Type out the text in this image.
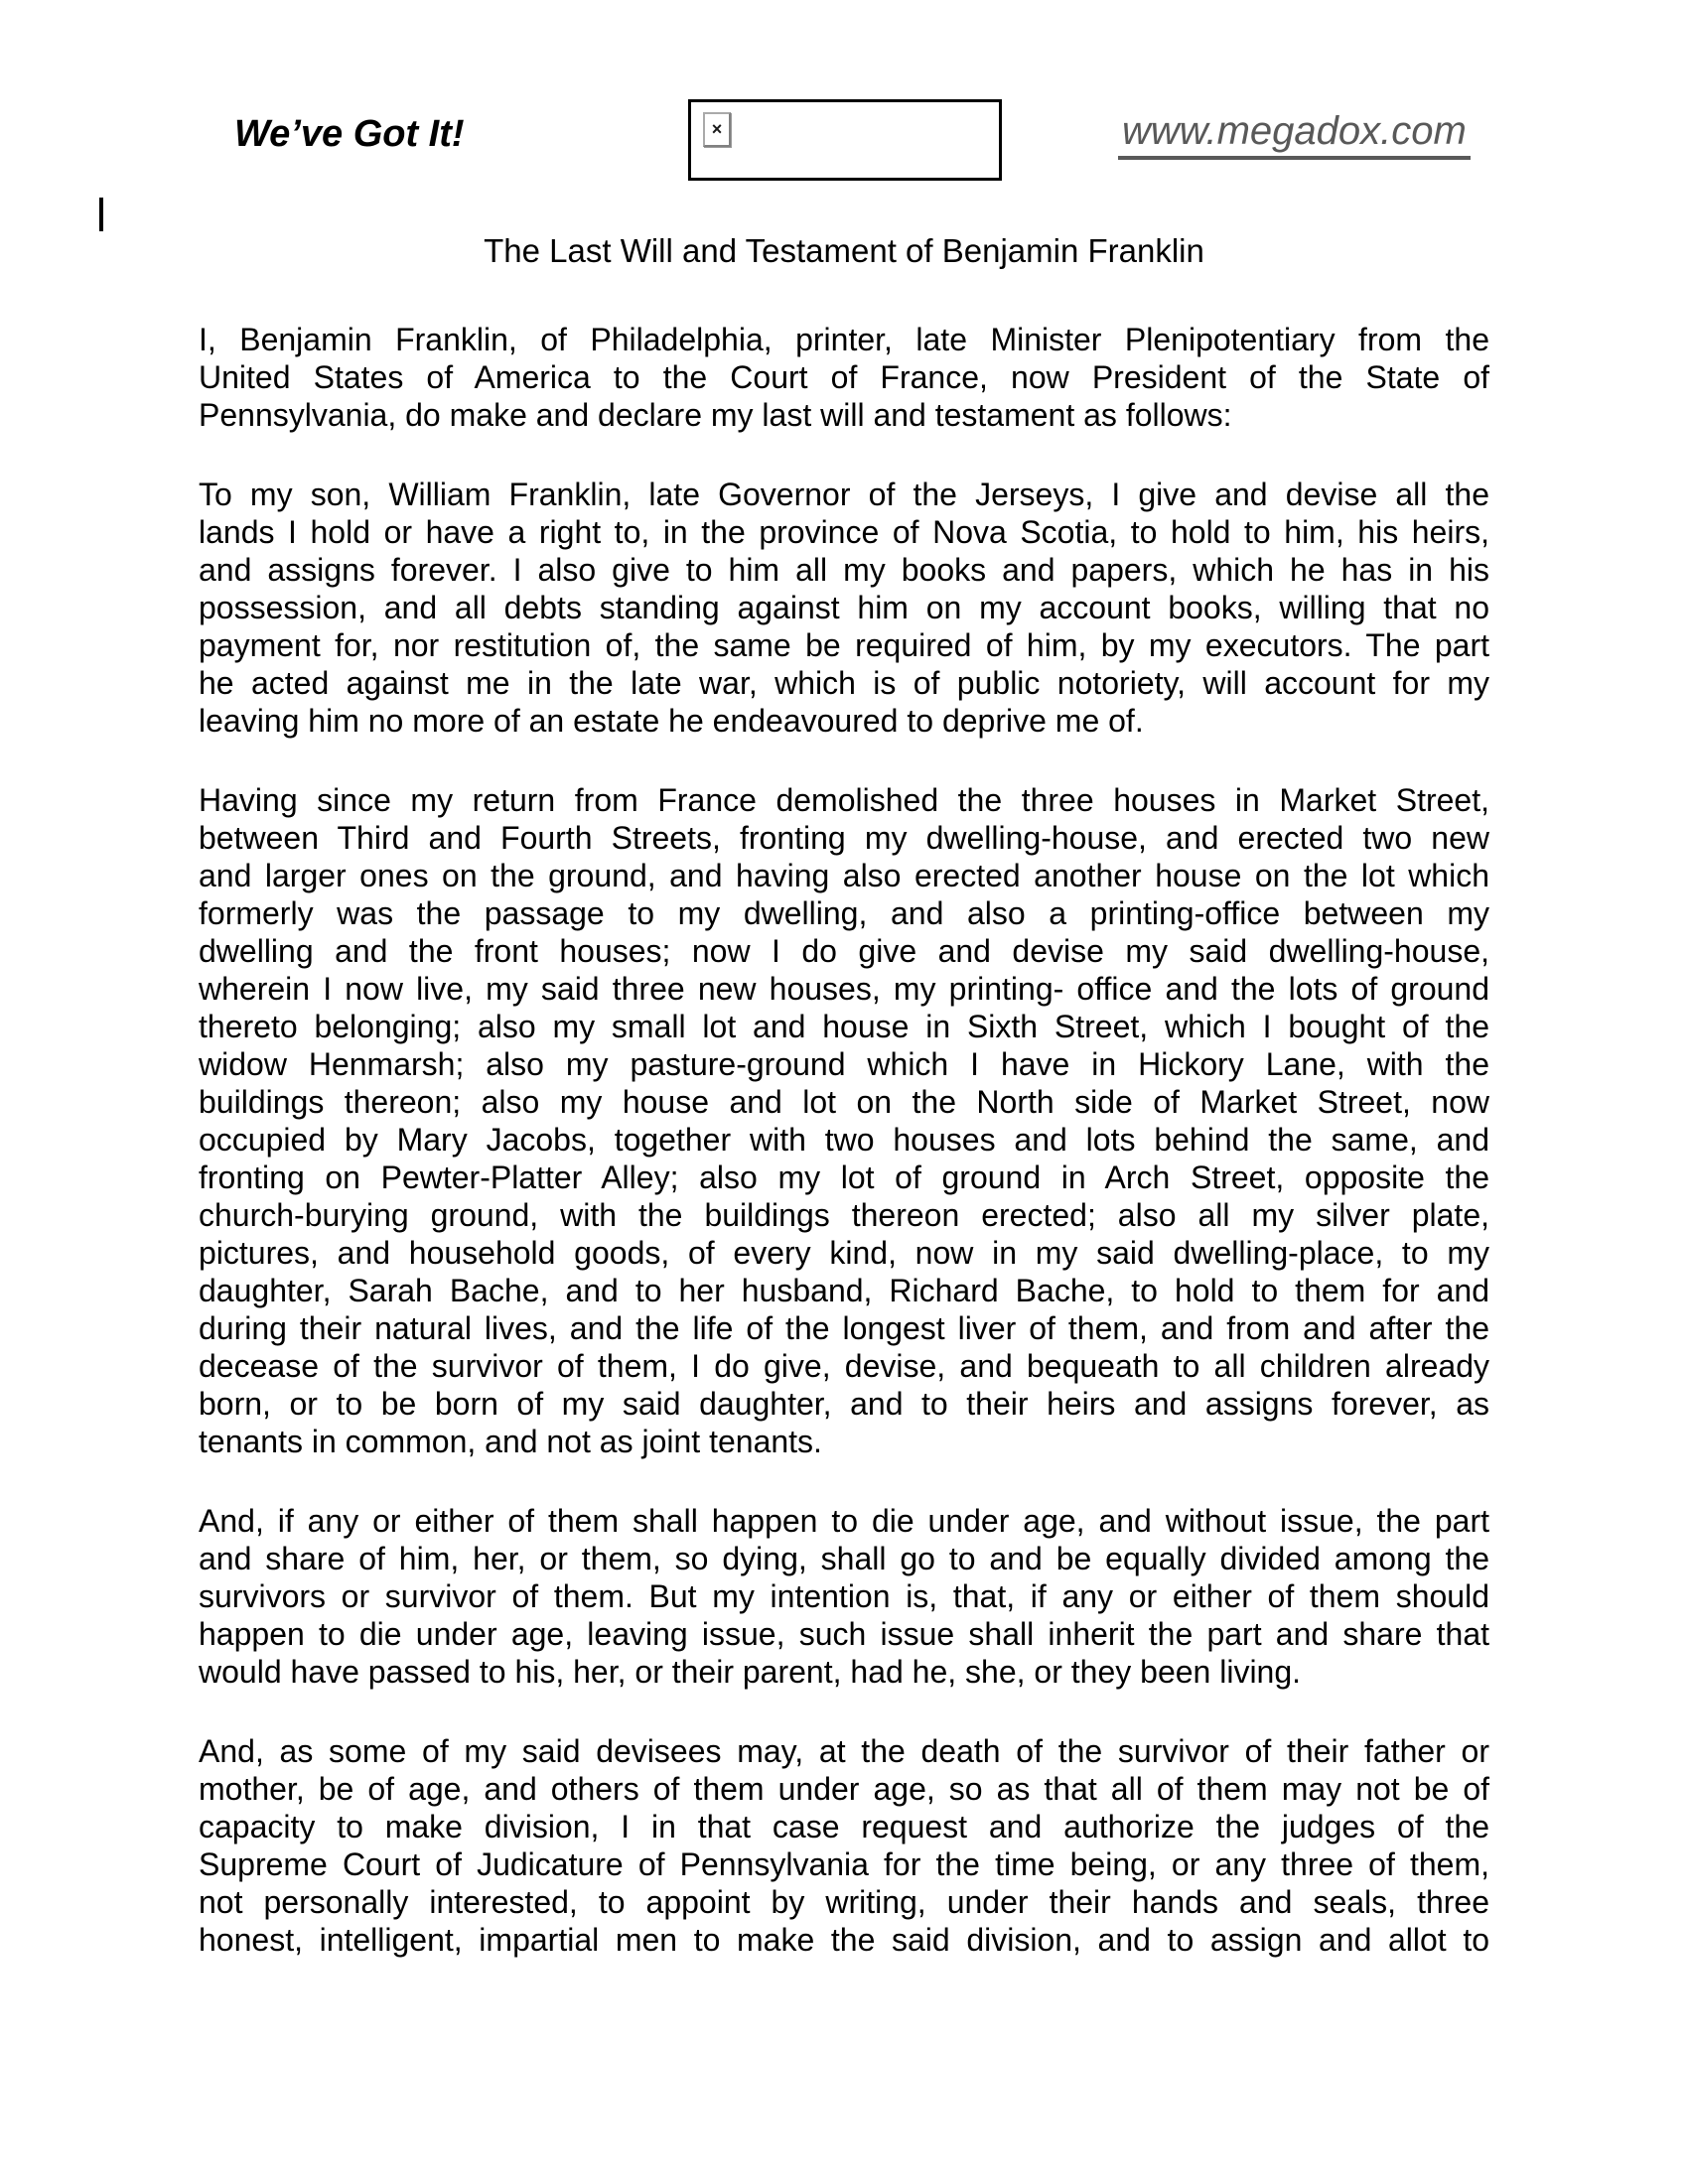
We’ve Got It!	×	www.megadox.com
The Last Will and Testament of Benjamin Franklin
I, Benjamin Franklin, of Philadelphia, printer, late Minister Plenipotentiary from the
United States of America to the Court of France, now President of the State of
Pennsylvania, do make and declare my last will and testament as follows:
To my son, William Franklin, late Governor of the Jerseys, I give and devise all the
lands I hold or have a right to, in the province of Nova Scotia, to hold to him, his heirs,
and assigns forever. I also give to him all my books and papers, which he has in his
possession, and all debts standing against him on my account books, willing that no
payment for, nor restitution of, the same be required of him, by my executors. The part
he acted against me in the late war, which is of public notoriety, will account for my
leaving him no more of an estate he endeavoured to deprive me of.
Having since my return from France demolished the three houses in Market Street,
between Third and Fourth Streets, fronting my dwelling-house, and erected two new
and larger ones on the ground, and having also erected another house on the lot which
formerly was the passage to my dwelling, and also a printing-office between my
dwelling and the front houses; now I do give and devise my said dwelling-house,
wherein I now live, my said three new houses, my printing- office and the lots of ground
thereto belonging; also my small lot and house in Sixth Street, which I bought of the
widow Henmarsh; also my pasture-ground which I have in Hickory Lane, with the
buildings thereon; also my house and lot on the North side of Market Street, now
occupied by Mary Jacobs, together with two houses and lots behind the same, and
fronting on Pewter-Platter Alley; also my lot of ground in Arch Street, opposite the
church-burying ground, with the buildings thereon erected; also all my silver plate,
pictures, and household goods, of every kind, now in my said dwelling-place, to my
daughter, Sarah Bache, and to her husband, Richard Bache, to hold to them for and
during their natural lives, and the life of the longest liver of them, and from and after the
decease of the survivor of them, I do give, devise, and bequeath to all children already
born, or to be born of my said daughter, and to their heirs and assigns forever, as
tenants in common, and not as joint tenants.
And, if any or either of them shall happen to die under age, and without issue, the part
and share of him, her, or them, so dying, shall go to and be equally divided among the
survivors or survivor of them. But my intention is, that, if any or either of them should
happen to die under age, leaving issue, such issue shall inherit the part and share that
would have passed to his, her, or their parent, had he, she, or they been living.
And, as some of my said devisees may, at the death of the survivor of their father or
mother, be of age, and others of them under age, so as that all of them may not be of
capacity to make division, I in that case request and authorize the judges of the
Supreme Court of Judicature of Pennsylvania for the time being, or any three of them,
not personally interested, to appoint by writing, under their hands and seals, three
honest, intelligent, impartial men to make the said division, and to assign and allot to
